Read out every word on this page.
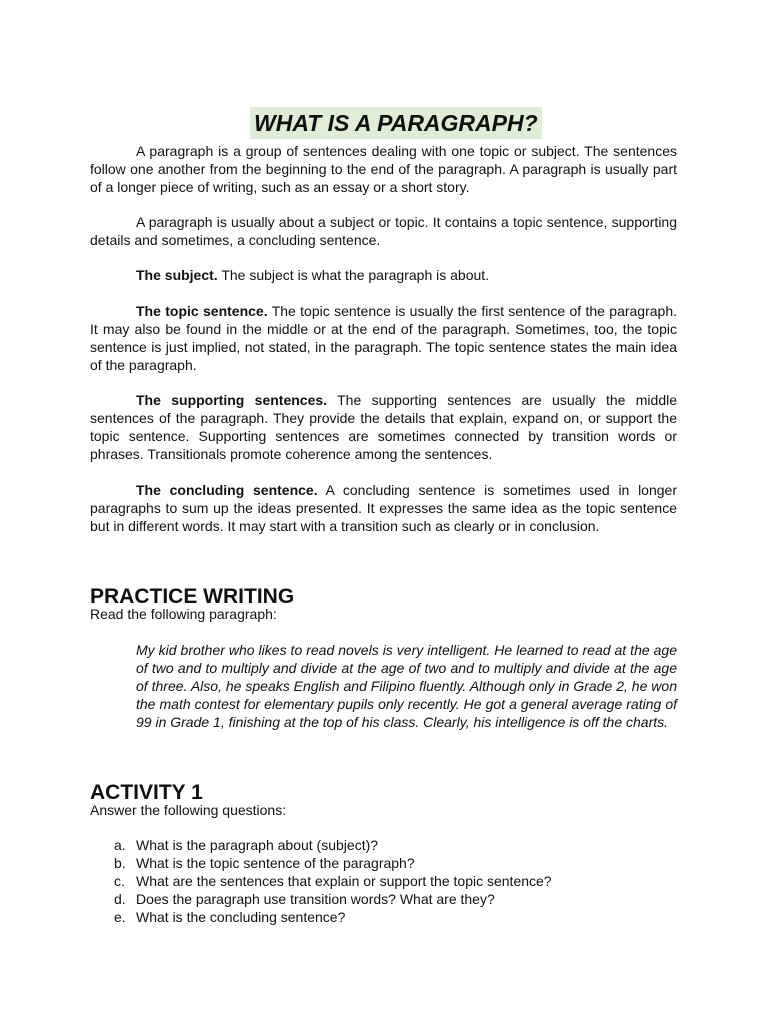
WHAT IS A PARAGRAPH?

A paragraph is a group of sentences dealing with one topic or subject. The sentences follow one another from the beginning to the end of the paragraph. A paragraph is usually part of a longer piece of writing, such as an essay or a short story.

A paragraph is usually about a subject or topic. It contains a topic sentence, supporting details and sometimes, a concluding sentence.

The subject. The subject is what the paragraph is about.

The topic sentence. The topic sentence is usually the first sentence of the paragraph. It may also be found in the middle or at the end of the paragraph. Sometimes, too, the topic sentence is just implied, not stated, in the paragraph. The topic sentence states the main idea of the paragraph.

The supporting sentences. The supporting sentences are usually the middle sentences of the paragraph. They provide the details that explain, expand on, or support the topic sentence. Supporting sentences are sometimes connected by transition words or phrases. Transitionals promote coherence among the sentences.

The concluding sentence. A concluding sentence is sometimes used in longer paragraphs to sum up the ideas presented. It expresses the same idea as the topic sentence but in different words. It may start with a transition such as clearly or in conclusion.

PRACTICE WRITING

Read the following paragraph:

My kid brother who likes to read novels is very intelligent. He learned to read at the age of two and to multiply and divide at the age of two and to multiply and divide at the age of three. Also, he speaks English and Filipino fluently. Although only in Grade 2, he won the math contest for elementary pupils only recently. He got a general average rating of 99 in Grade 1, finishing at the top of his class. Clearly, his intelligence is off the charts.

ACTIVITY 1

Answer the following questions:

a. What is the paragraph about (subject)?
b. What is the topic sentence of the paragraph?
c. What are the sentences that explain or support the topic sentence?
d. Does the paragraph use transition words? What are they?
e. What is the concluding sentence?
